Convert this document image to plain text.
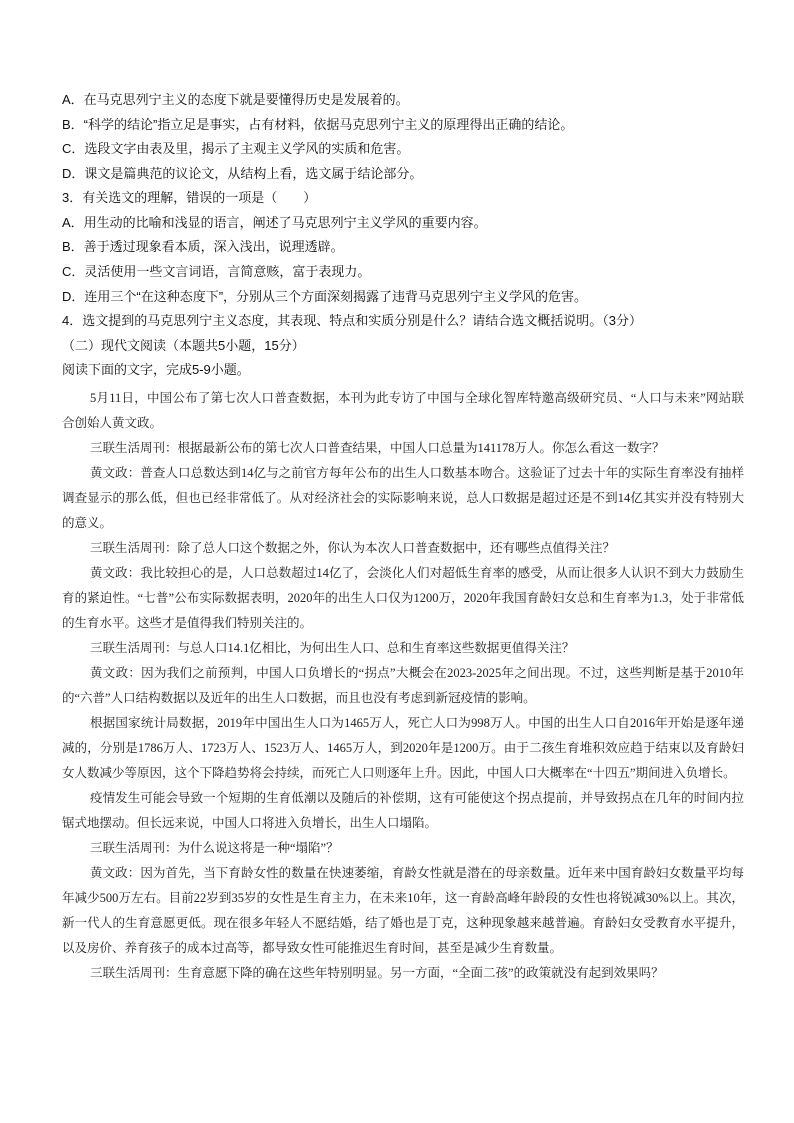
A．在马克思列宁主义的态度下就是要懂得历史是发展着的。
B．“科学的结论”指立足是事实，占有材料，依据马克思列宁主义的原理得出正确的结论。
C．选段文字由表及里，揭示了主观主义学风的实质和危害。
D．课文是篇典范的议论文，从结构上看，选文属于结论部分。
3．有关选文的理解，错误的一项是（　　）
A．用生动的比喻和浅显的语言，阐述了马克思列宁主义学风的重要内容。
B．善于透过现象看本质，深入浅出，说理透辟。
C．灵活使用一些文言词语，言简意赅，富于表现力。
D．连用三个“在这种态度下”，分别从三个方面深刻揭露了违背马克思列宁主义学风的危害。
4．选文提到的马克思列宁主义态度，其表现、特点和实质分别是什么？请结合选文概括说明。（3分）
（二）现代文阅读（本题共5小题，15分）
阅读下面的文字，完成5-9小题。

5月11日，中国公布了第七次人口普查数据，本刊为此专访了中国与全球化智库特邀高级研究员、“人口与未来”网站联合创始人黄文政。

三联生活周刊：根据最新公布的第七次人口普查结果，中国人口总量为141178万人。你怎么看这一数字？

黄文政：普查人口总数达到14亿与之前官方每年公布的出生人口数基本吻合。这验证了过去十年的实际生育率没有抽样调查显示的那么低，但也已经非常低了。从对经济社会的实际影响来说，总人口数据是超过还是不到14亿其实并没有特别大的意义。

三联生活周刊：除了总人口这个数据之外，你认为本次人口普查数据中，还有哪些点值得关注？

黄文政：我比较担心的是，人口总数超过14亿了，会淡化人们对超低生育率的感受，从而让很多人认识不到大力鼓励生育的紧迫性。“七普”公布实际数据表明，2020年的出生人口仅为1200万，2020年我国育龄妇女总和生育率为1.3，处于非常低的生育水平。这些才是值得我们特别关注的。

三联生活周刊：与总人口14.1亿相比，为何出生人口、总和生育率这些数据更值得关注？

黄文政：因为我们之前预判，中国人口负增长的“拐点”大概会在2023-2025年之间出现。不过，这些判断是基于2010年的“六普”人口结构数据以及近年的出生人口数据，而且也没有考虑到新冠疫情的影响。

根据国家统计局数据，2019年中国出生人口为1465万人，死亡人口为998万人。中国的出生人口自2016年开始是逐年递减的，分别是1786万人、1723万人、1523万人、1465万人，到2020年是1200万。由于二孩生育堆积效应趋于结束以及育龄妇女人数减少等原因，这个下降趋势将会持续，而死亡人口则逐年上升。因此，中国人口大概率在“十四五”期间进入负增长。

疫情发生可能会导致一个短期的生育低潮以及随后的补偿期，这有可能使这个拐点提前，并导致拐点在几年的时间内拉锯式地摆动。但长远来说，中国人口将进入负增长，出生人口塌陷。

三联生活周刊：为什么说这将是一种“塌陷”？

黄文政：因为首先，当下育龄女性的数量在快速萎缩，育龄女性就是潜在的母亲数量。近年来中国育龄妇女数量平均每年减少500万左右。目前22岁到35岁的女性是生育主力，在未来10年，这一育龄高峰年龄段的女性也将锐减30%以上。其次，新一代人的生育意愿更低。现在很多年轻人不愿结婚，结了婚也是丁克，这种现象越来越普遍。育龄妇女受教育水平提升，以及房价、养育孩子的成本过高等，都导致女性可能推迟生育时间，甚至是减少生育数量。

三联生活周刊：生育意愿下降的确在这些年特别明显。另一方面，“全面二孩”的政策就没有起到效果吗？
